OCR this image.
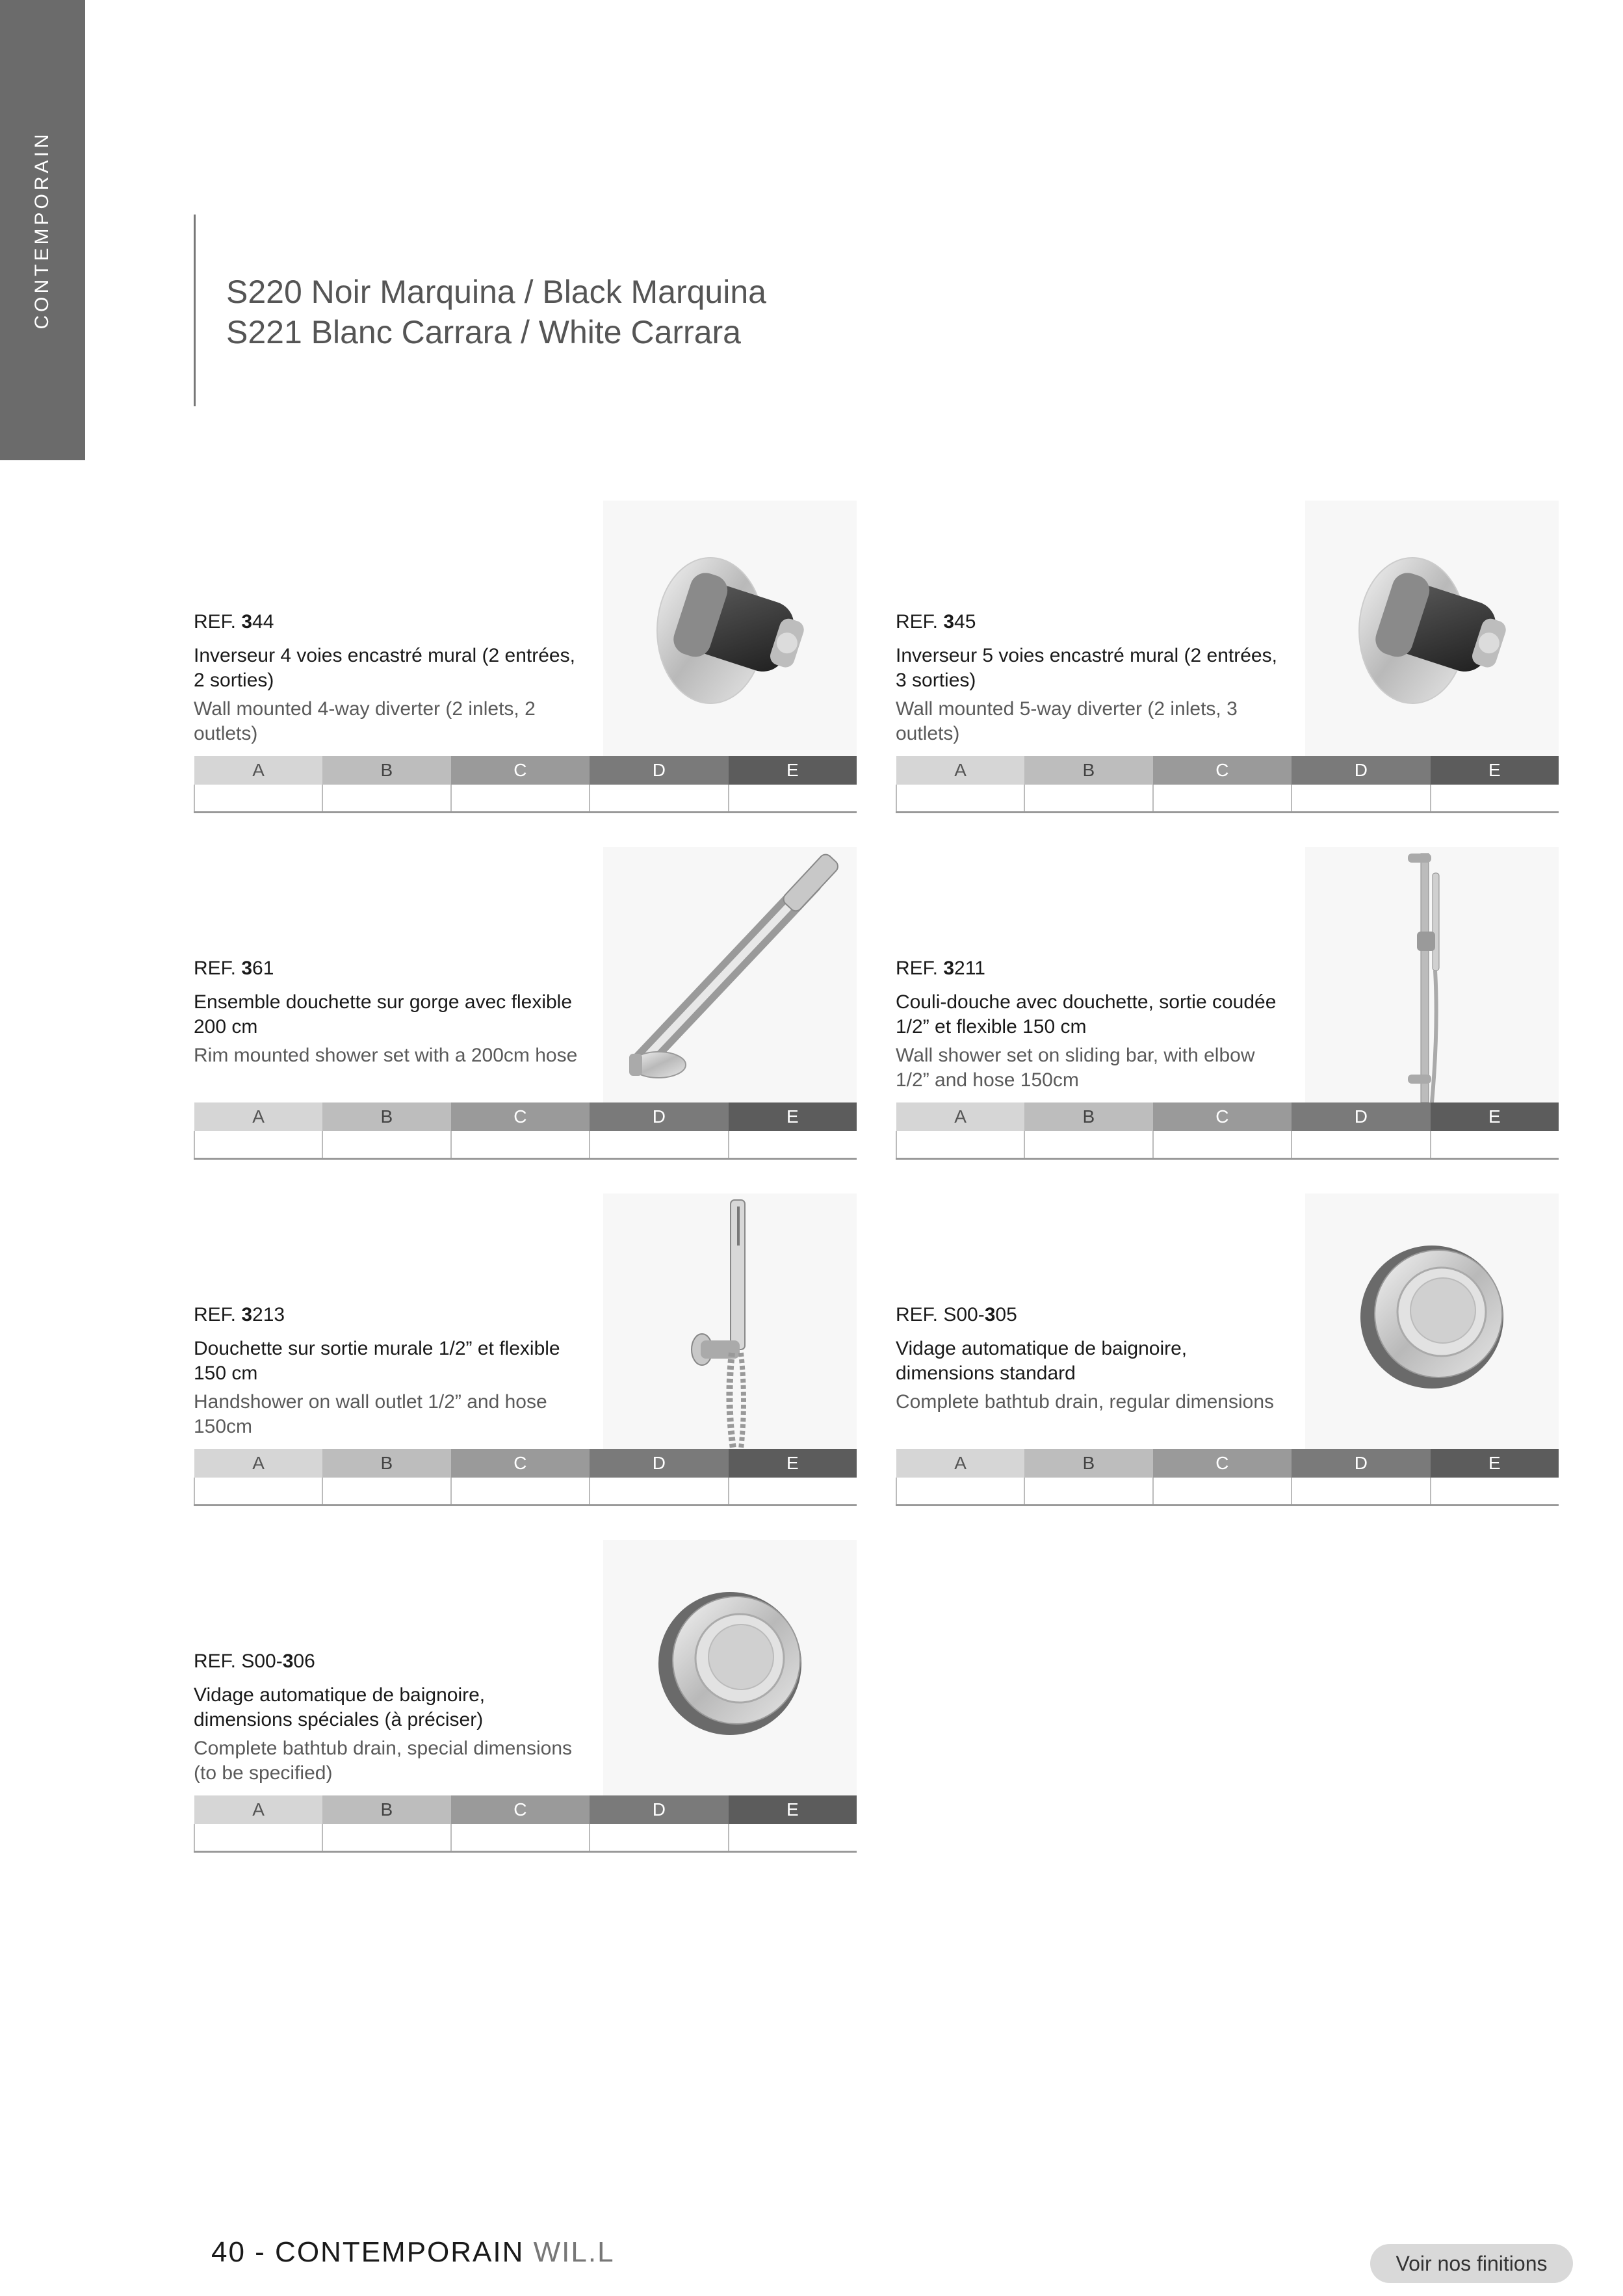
CONTEMPORAIN	S220 Noir Marquina / Black Marquina
S221 Blanc Carrara / White Carrara
REF. 344
Inverseur 4 voies encastré mural (2 entrées, 2 sorties)
Wall mounted 4-way diverter (2 inlets, 2 outlets)
A	B	C	D	E

REF. 345
Inverseur 5 voies encastré mural (2 entrées, 3 sorties)
Wall mounted 5-way diverter (2 inlets, 3 outlets)
A	B	C	D	E

REF. 361
Ensemble douchette sur gorge avec flexible 200 cm
Rim mounted shower set with a 200cm hose
A	B	C	D	E

REF. 3211
Couli-douche avec douchette, sortie coudée 1/2” et flexible 150 cm
Wall shower set on sliding bar, with elbow 1/2” and hose 150cm
A	B	C	D	E

REF. 3213
Douchette sur sortie murale 1/2” et flexible 150 cm
Handshower on wall outlet 1/2” and hose 150cm
A	B	C	D	E

REF. S00-305
Vidage automatique de baignoire, dimensions standard
Complete bathtub drain, regular dimensions
A	B	C	D	E

REF. S00-306
Vidage automatique de baignoire, dimensions spéciales (à préciser)
Complete bathtub drain, special dimensions (to be specified)
A	B	C	D	E

40 - CONTEMPORAIN WIL.L	Voir nos finitions
